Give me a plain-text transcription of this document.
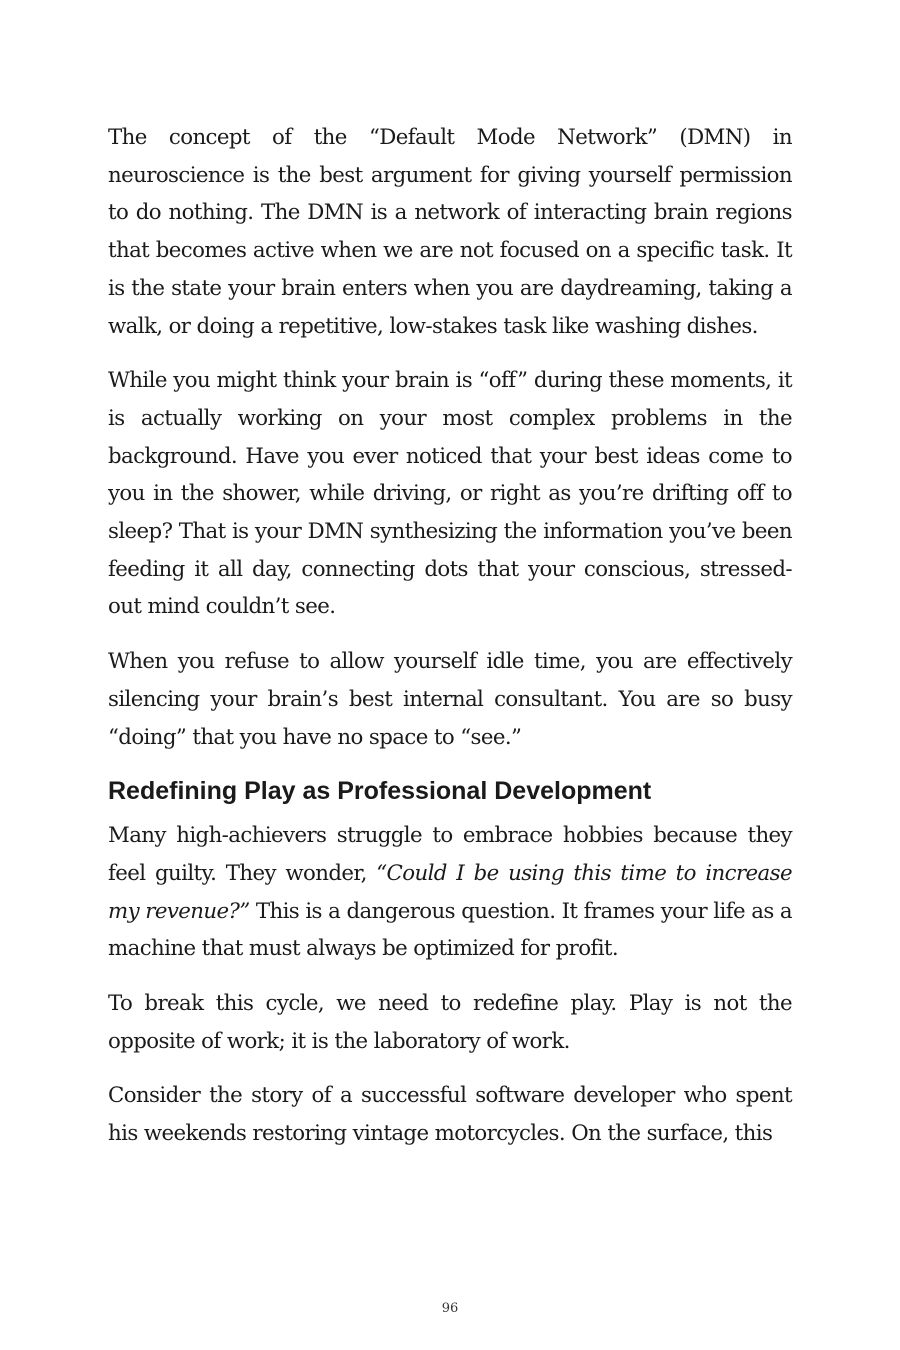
The concept of the “Default Mode Network” (DMN) in neuroscience is the best argument for giving yourself permission to do nothing. The DMN is a network of interacting brain regions that becomes active when we are not focused on a specific task. It is the state your brain enters when you are daydreaming, taking a walk, or doing a repetitive, low-stakes task like washing dishes.

While you might think your brain is “off” during these moments, it is actually working on your most complex problems in the background. Have you ever noticed that your best ideas come to you in the shower, while driving, or right as you’re drifting off to sleep? That is your DMN synthesizing the information you’ve been feeding it all day, connecting dots that your conscious, stressed-out mind couldn’t see.

When you refuse to allow yourself idle time, you are effectively silencing your brain’s best internal consultant. You are so busy “doing” that you have no space to “see.”

Redefining Play as Professional Development

Many high-achievers struggle to embrace hobbies because they feel guilty. They wonder, “Could I be using this time to increase my revenue?” This is a dangerous question. It frames your life as a machine that must always be optimized for profit.

To break this cycle, we need to redefine play. Play is not the opposite of work; it is the laboratory of work.

Consider the story of a successful software developer who spent his weekends restoring vintage motorcycles. On the surface, this

96
